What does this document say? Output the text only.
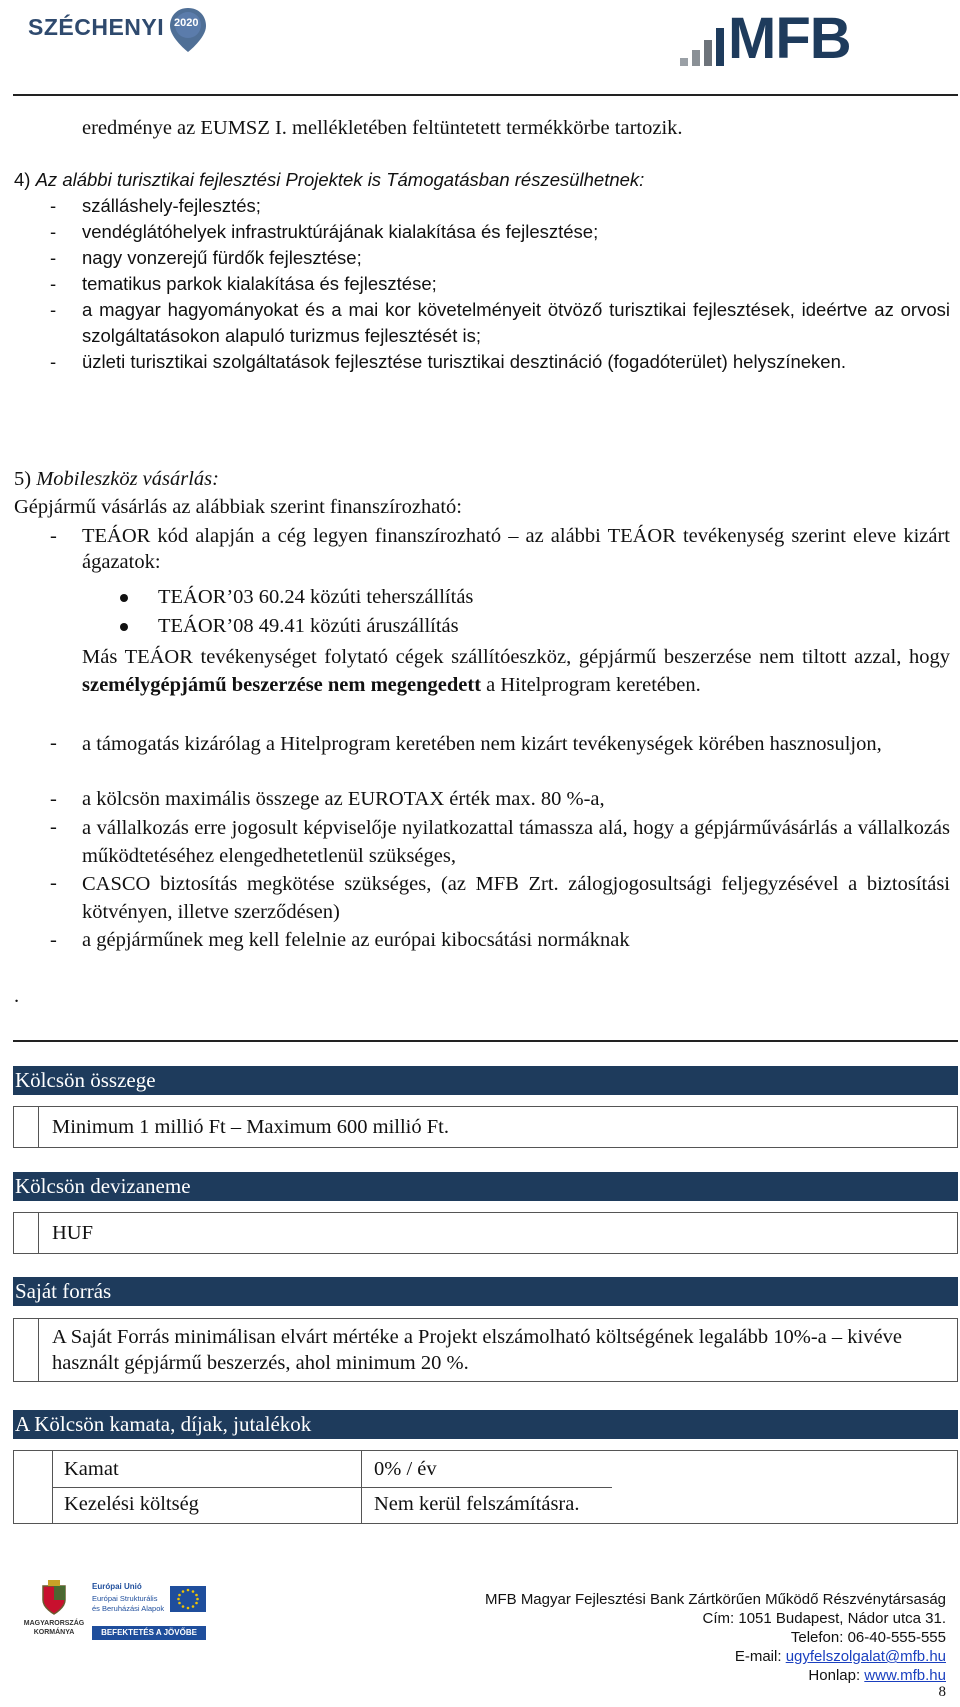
SZÉCHENYI 2020	MFB
eredménye az EUMSZ I. mellékletében feltüntetett termékkörbe tartozik.
4) Az alábbi turisztikai fejlesztési Projektek is Támogatásban részesülhetnek:
- szálláshely-fejlesztés;
- vendéglátóhelyek infrastruktúrájának kialakítása és fejlesztése;
- nagy vonzerejű fürdők fejlesztése;
- tematikus parkok kialakítása és fejlesztése;
- a magyar hagyományokat és a mai kor követelményeit ötvöző turisztikai fejlesztések, ideértve az orvosi szolgáltatásokon alapuló turizmus fejlesztését is;
- üzleti turisztikai szolgáltatások fejlesztése turisztikai desztináció (fogadóterület) helyszíneken.
5) Mobileszköz vásárlás:
Gépjármű vásárlás az alábbiak szerint finanszírozható:
- TEÁOR kód alapján a cég legyen finanszírozható – az alábbi TEÁOR tevékenység szerint eleve kizárt ágazatok:
TEÁOR’03 60.24 közúti teherszállítás
TEÁOR’08 49.41 közúti áruszállítás
Más TEÁOR tevékenységet folytató cégek szállítóeszköz, gépjármű beszerzése nem tiltott azzal, hogy személygépjámű beszerzése nem megengedett a Hitelprogram keretében.
- a támogatás kizárólag a Hitelprogram keretében nem kizárt tevékenységek körében hasznosuljon,
- a kölcsön maximális összege az EUROTAX érték max. 80 %-a,
- a vállalkozás erre jogosult képviselője nyilatkozattal támassza alá, hogy a gépjárművásárlás a vállalkozás működtetéséhez elengedhetetlenül szükséges,
- CASCO biztosítás megkötése szükséges, (az MFB Zrt. zálogjogosultsági feljegyzésével a biztosítási kötvényen, illetve szerződésen)
- a gépjárműnek meg kell felelnie az európai kibocsátási normáknak
.
Kölcsön összege
Minimum 1 millió Ft – Maximum 600 millió Ft.
Kölcsön devizaneme
HUF
Saját forrás
A Saját Forrás minimálisan elvárt mértéke a Projekt elszámolható költségének legalább 10%-a – kivéve használt gépjármű beszerzés, ahol minimum 20 %.
A Kölcsön kamata, díjak, jutalékok
Kamat	0% / év
Kezelési költség	Nem kerül felszámításra.
MAGYARORSZÁG KORMÁNYA
Európai Unió
Európai Strukturális
és Beruházási Alapok
BEFEKTETÉS A JÖVŐBE
MFB Magyar Fejlesztési Bank Zártkörűen Működő Részvénytársaság
Cím: 1051 Budapest, Nádor utca 31.
Telefon: 06-40-555-555
E-mail: ugyfelszolgalat@mfb.hu
Honlap: www.mfb.hu
8
